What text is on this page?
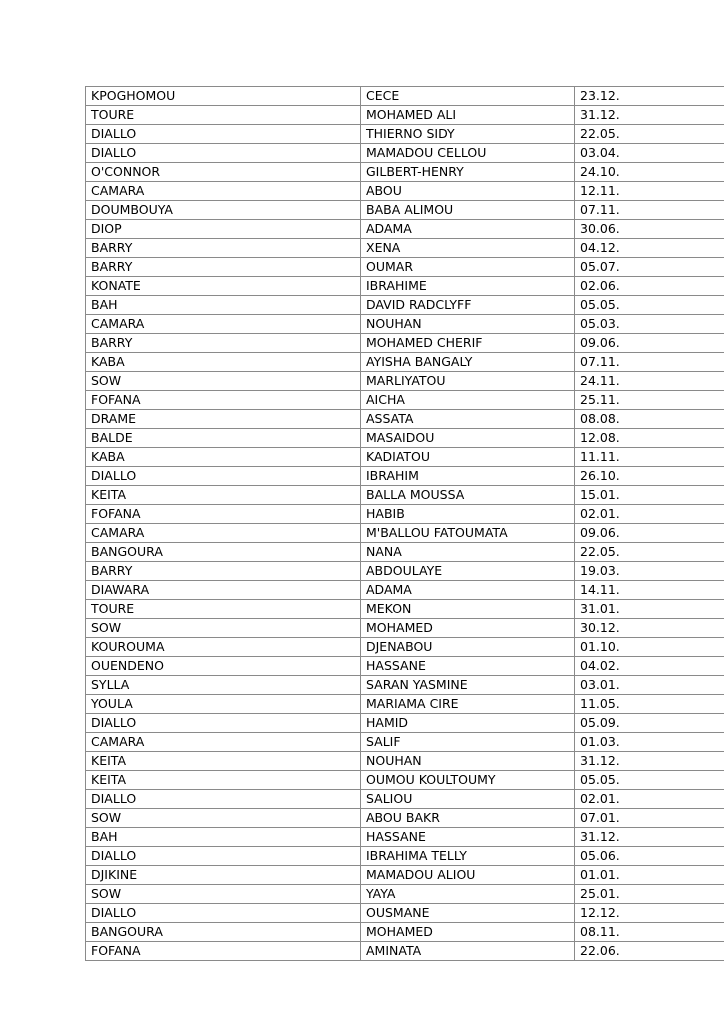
KPOGHOMOU	CECE	23.12.
TOURE	MOHAMED ALI	31.12.
DIALLO	THIERNO SIDY	22.05.
DIALLO	MAMADOU CELLOU	03.04.
O'CONNOR	GILBERT-HENRY	24.10.
CAMARA	ABOU	12.11.
DOUMBOUYA	BABA ALIMOU	07.11.
DIOP	ADAMA	30.06.
BARRY	XENA	04.12.
BARRY	OUMAR	05.07.
KONATE	IBRAHIME	02.06.
BAH	DAVID RADCLYFF	05.05.
CAMARA	NOUHAN	05.03.
BARRY	MOHAMED CHERIF	09.06.
KABA	AYISHA BANGALY	07.11.
SOW	MARLIYATOU	24.11.
FOFANA	AICHA	25.11.
DRAME	ASSATA	08.08.
BALDE	MASAIDOU	12.08.
KABA	KADIATOU	11.11.
DIALLO	IBRAHIM	26.10.
KEITA	BALLA MOUSSA	15.01.
FOFANA	HABIB	02.01.
CAMARA	M'BALLOU FATOUMATA	09.06.
BANGOURA	NANA	22.05.
BARRY	ABDOULAYE	19.03.
DIAWARA	ADAMA	14.11.
TOURE	MEKON	31.01.
SOW	MOHAMED	30.12.
KOUROUMA	DJENABOU	01.10.
OUENDENO	HASSANE	04.02.
SYLLA	SARAN YASMINE	03.01.
YOULA	MARIAMA CIRE	11.05.
DIALLO	HAMID	05.09.
CAMARA	SALIF	01.03.
KEITA	NOUHAN	31.12.
KEITA	OUMOU KOULTOUMY	05.05.
DIALLO	SALIOU	02.01.
SOW	ABOU BAKR	07.01.
BAH	HASSANE	31.12.
DIALLO	IBRAHIMA TELLY	05.06.
DJIKINE	MAMADOU ALIOU	01.01.
SOW	YAYA	25.01.
DIALLO	OUSMANE	12.12.
BANGOURA	MOHAMED	08.11.
FOFANA	AMINATA	22.06.
